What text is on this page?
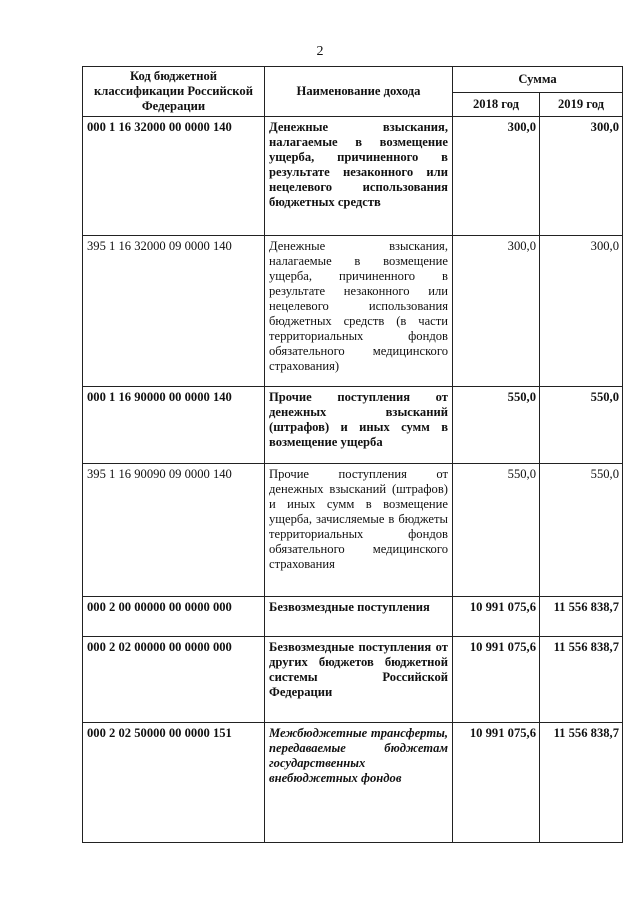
2
Код бюджетной классификации Российской Федерации	Наименование дохода	Сумма	
		2018 год	2019 год
000 1 16 32000 00 0000 140	Денежные взыскания, налагаемые в возмещение ущерба, причиненного в результате незаконного или нецелевого использования бюджетных средств	300,0	300,0
395 1 16 32000 09 0000 140	Денежные взыскания, налагаемые в возмещение ущерба, причиненного в результате незаконного или нецелевого использования бюджетных средств (в части территориальных фондов обязательного медицинского страхования)	300,0	300,0
000 1 16 90000 00 0000 140	Прочие поступления от денежных взысканий (штрафов) и иных сумм в возмещение ущерба	550,0	550,0
395 1 16 90090 09 0000 140	Прочие поступления от денежных взысканий (штрафов) и иных сумм в возмещение ущерба, зачисляемые в бюджеты территориальных фондов обязательного медицинского страхования	550,0	550,0
000 2 00 00000 00 0000 000	Безвозмездные поступления	10 991 075,6	11 556 838,7
000 2 02 00000 00 0000 000	Безвозмездные поступления от других бюджетов бюджетной системы Российской Федерации	10 991 075,6	11 556 838,7
000 2 02 50000 00 0000 151	Межбюджетные трансферты, передаваемые бюджетам государственных внебюджетных фондов	10 991 075,6	11 556 838,7
